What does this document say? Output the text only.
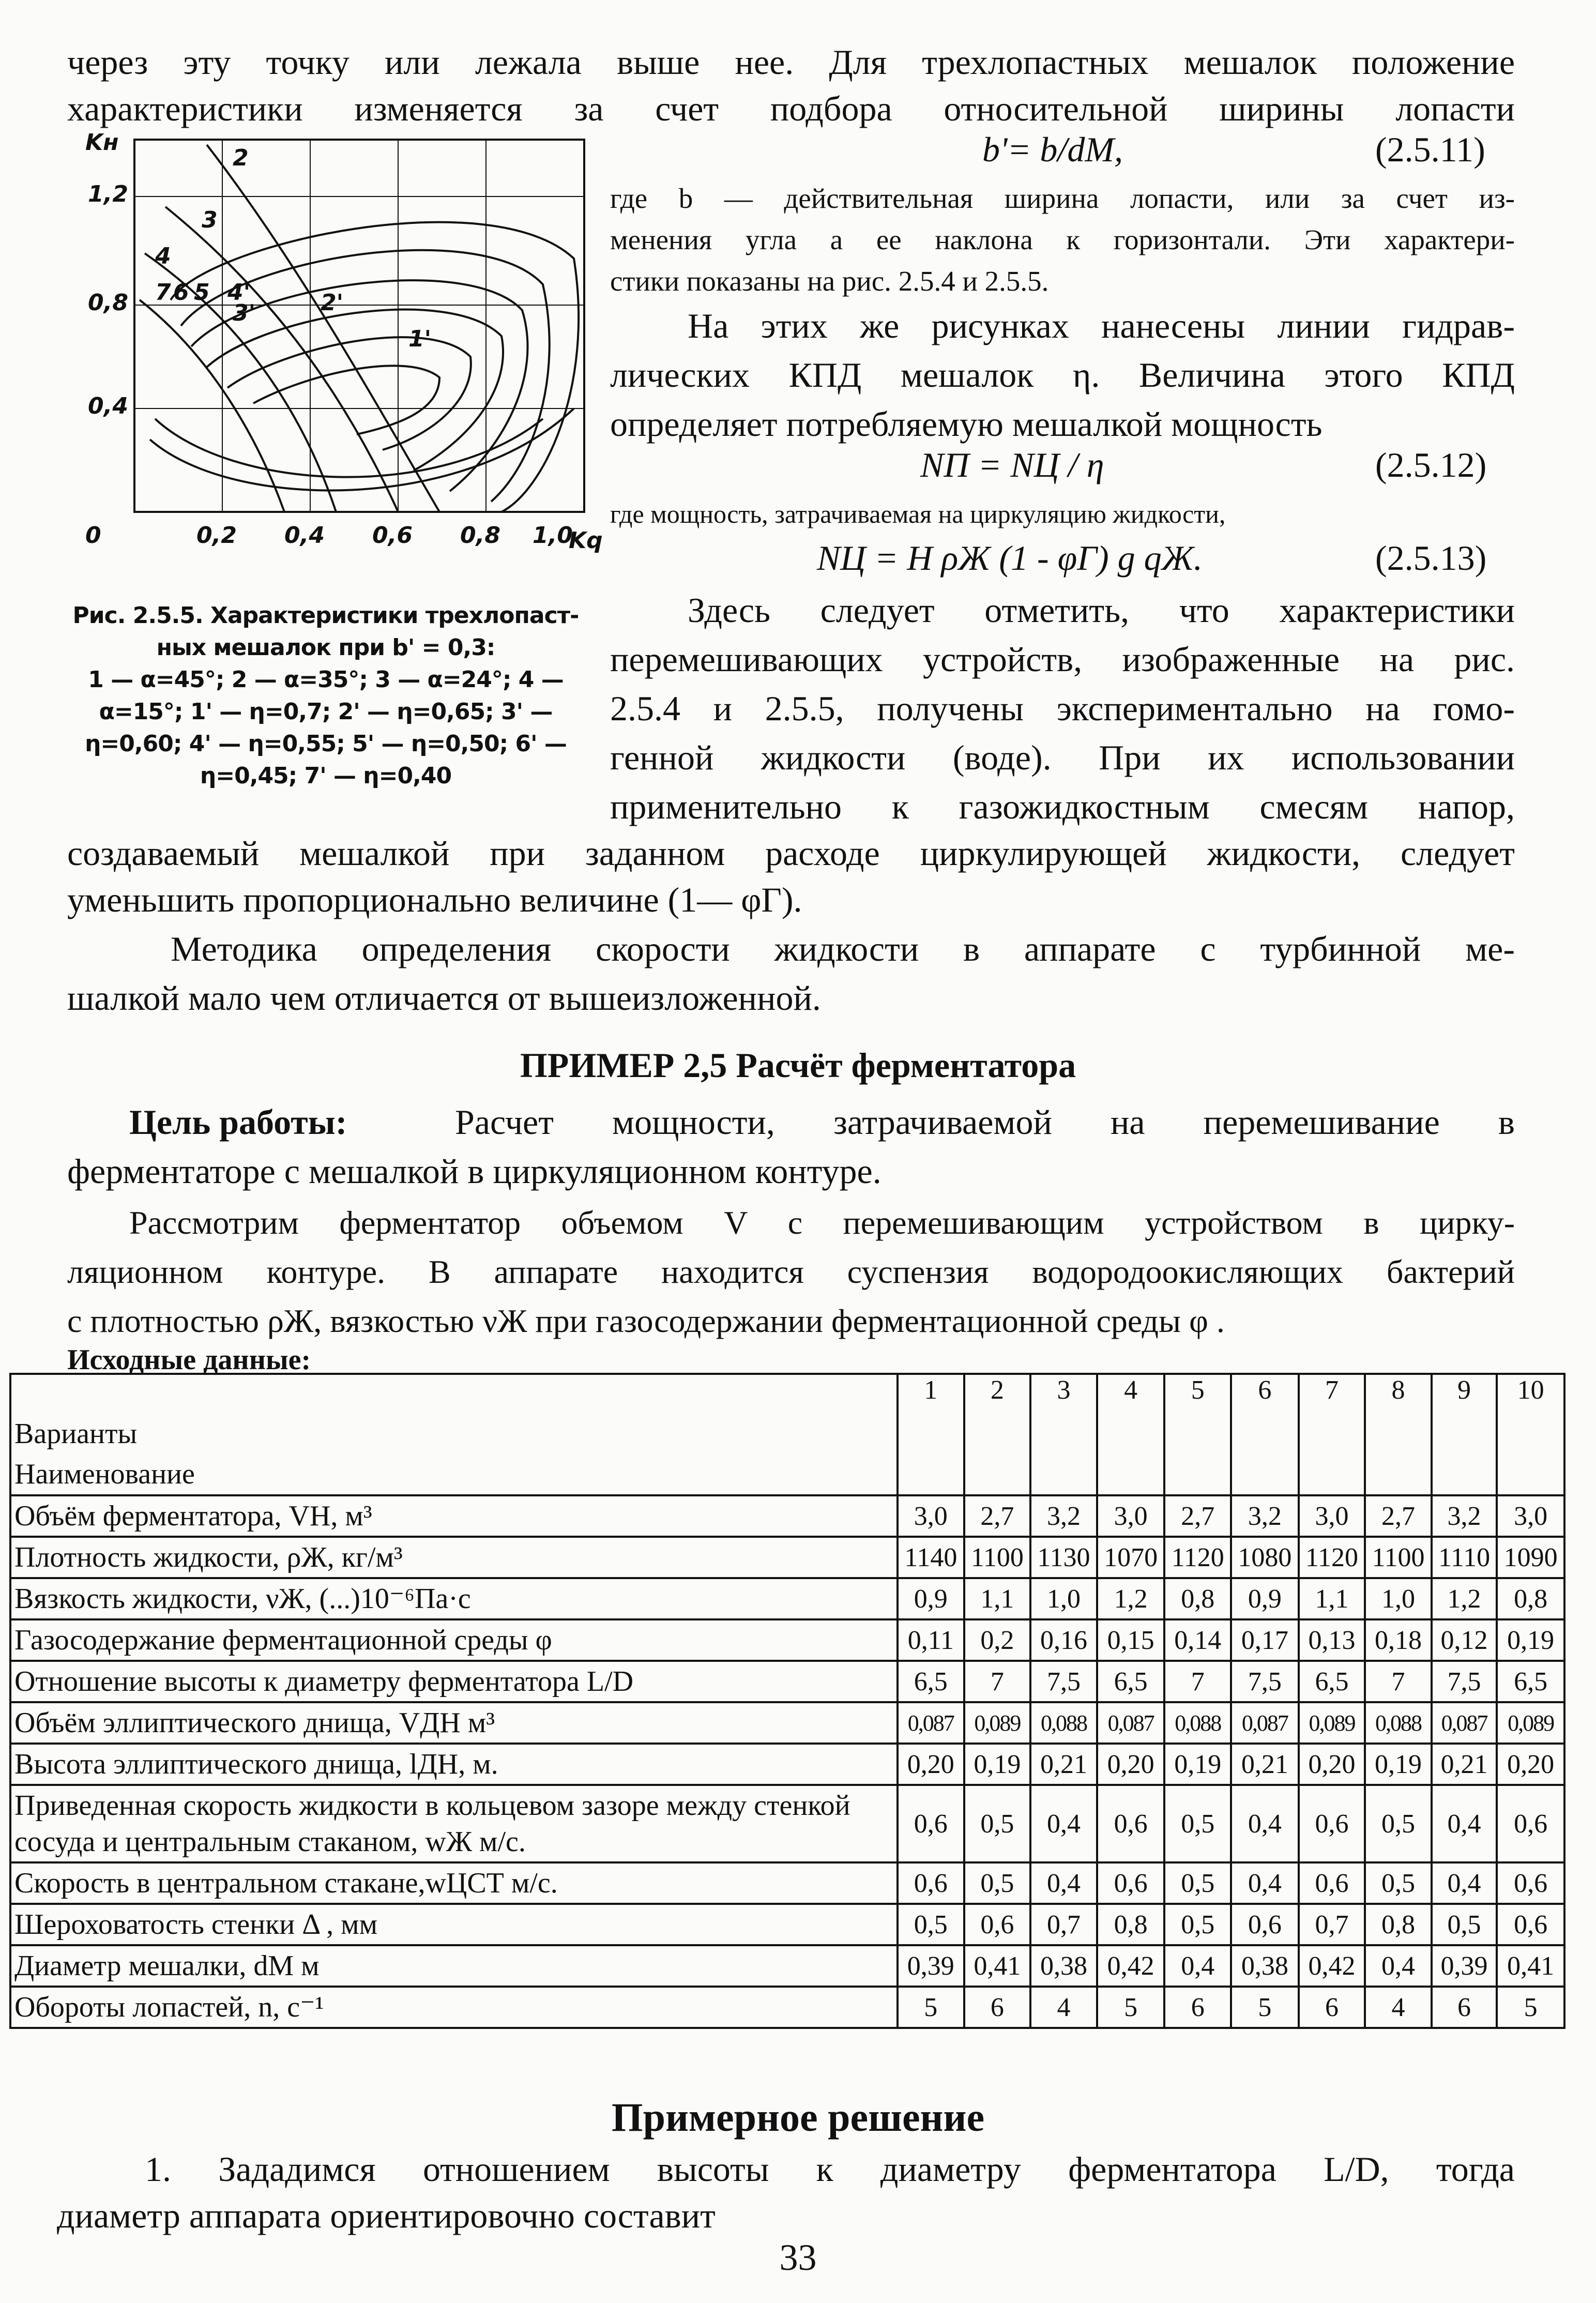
через эту точку или лежала выше нее. Для трехлопастных мешалок положение
характеристики изменяется за счет подбора относительной ширины лопасти
b'= b/dМ,	(2.5.11)
Kн
1,2
0,8
0,4
0	0,2 0,4 0,6 0,8 1,0
Kq
2
3
4
7 6 5 4'
3'	2'
1'
где b — действительная ширина лопасти, или за счет из-
менения угла a ее наклона к горизонтали. Эти характери-
стики показаны на рис. 2.5.4 и 2.5.5.
На этих же рисунках нанесены линии гидрав-
лических КПД мешалок η. Величина этого КПД
определяет потребляемую мешалкой мощность
NП = NЦ / η	(2.5.12)
где мощность, затрачиваемая на циркуляцию жидкости,
NЦ = H ρЖ (1 - φГ) g qЖ.	(2.5.13)
Здесь следует отметить, что характеристики
перемешивающих устройств, изображенные на рис.
2.5.4 и 2.5.5, получены экспериментально на гомо-
генной жидкости (воде). При их использовании
применительно к газожидкостным смесям напор,
Рис. 2.5.5. Характеристики трехлопаст-
ных мешалок при b' = 0,3:
1 — α=45°; 2 — α=35°; 3 — α=24°; 4 —
α=15°; 1' — η=0,7; 2' — η=0,65; 3' —
η=0,60; 4' — η=0,55; 5' — η=0,50; 6' —
η=0,45; 7' — η=0,40
создаваемый мешалкой при заданном расходе циркулирующей жидкости, следует
уменьшить пропорционально величине (1— φГ).
Методика определения скорости жидкости в аппарате с турбинной ме-
шалкой мало чем отличается от вышеизложенной.
ПРИМЕР 2,5 Расчёт ферментатора
Цель работы:	Расчет мощности, затрачиваемой на перемешивание в
ферментаторе с мешалкой в циркуляционном контуре.
Рассмотрим ферментатор объемом V с перемешивающим устройством в цирку-
ляционном контуре. В аппарате находится суспензия водородоокисляющих бактерий
с плотностью ρЖ, вязкостью νЖ при газосодержании ферментационной среды φ .
Исходные данные:
Варианты
Наименование	1	2	3	4	5	6	7	8	9	10
Объём ферментатора, VН, м³	3,0	2,7	3,2	3,0	2,7	3,2	3,0	2,7	3,2	3,0
Плотность жидкости, ρЖ, кг/м³	1140	1100	1130	1070	1120	1080	1120	1100	1110	1090
Вязкость жидкости, νЖ, (...)10⁻⁶Па·с	0,9	1,1	1,0	1,2	0,8	0,9	1,1	1,0	1,2	0,8
Газосодержание ферментационной среды φ	0,11	0,2	0,16	0,15	0,14	0,17	0,13	0,18	0,12	0,19
Отношение высоты к диаметру ферментатора L/D	6,5	7	7,5	6,5	7	7,5	6,5	7	7,5	6,5
Объём эллиптического днища, VДН м³	0,087	0,089	0,088	0,087	0,088	0,087	0,089	0,088	0,087	0,089
Высота эллиптического днища, lДН, м.	0,20	0,19	0,21	0,20	0,19	0,21	0,20	0,19	0,21	0,20
Приведенная скорость жидкости в кольцевом зазоре между стенкой сосуда и центральным стаканом, wЖ м/с.	0,6	0,5	0,4	0,6	0,5	0,4	0,6	0,5	0,4	0,6
Скорость в центральном стакане,wЦСТ м/с.	0,6	0,5	0,4	0,6	0,5	0,4	0,6	0,5	0,4	0,6
Шероховатость стенки Δ , мм	0,5	0,6	0,7	0,8	0,5	0,6	0,7	0,8	0,5	0,6
Диаметр мешалки, dМ м	0,39	0,41	0,38	0,42	0,4	0,38	0,42	0,4	0,39	0,41
Обороты лопастей, n, с⁻¹	5	6	4	5	6	5	6	4	6	5
Примерное решение
1. Зададимся отношением высоты к диаметру ферментатора L/D, тогда
диаметр аппарата ориентировочно составит
33
